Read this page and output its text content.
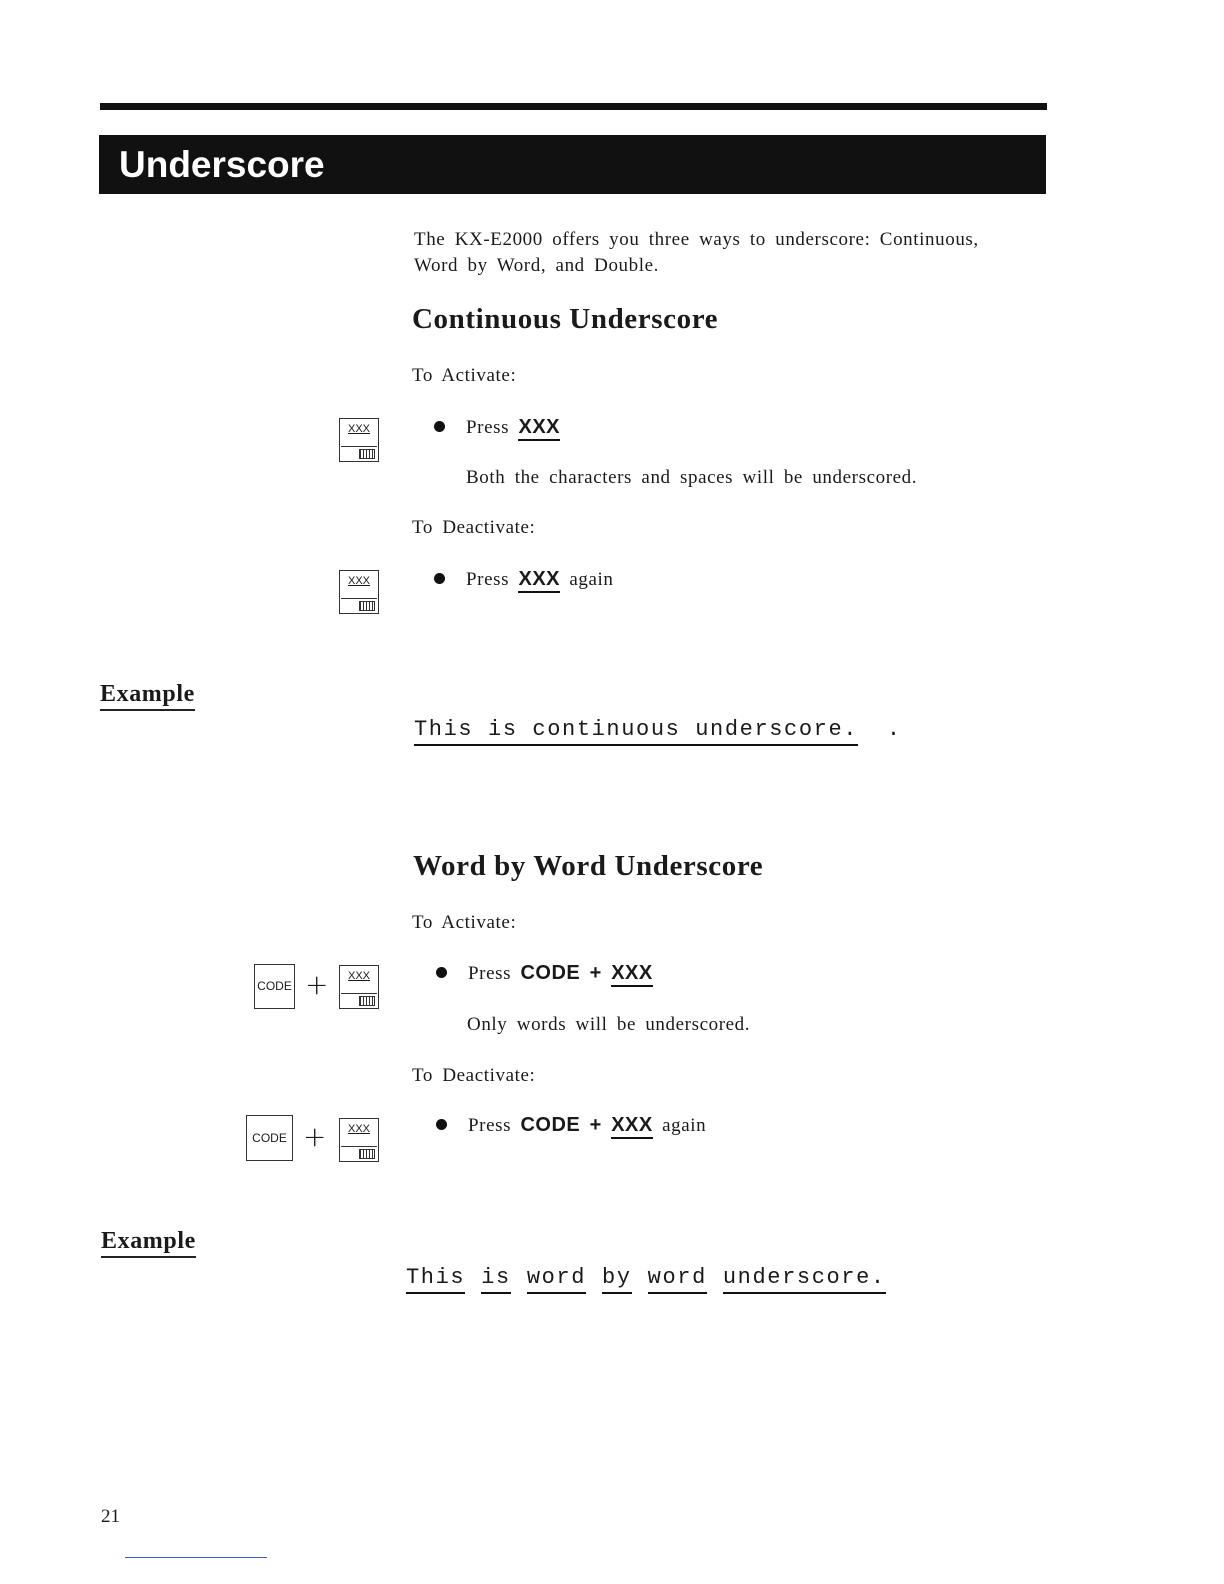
Underscore
The KX-E2000 offers you three ways to underscore: Continuous,
Word by Word, and Double.
Continuous Underscore
To Activate:
XXX	Press XXX
Both the characters and spaces will be underscored.
To Deactivate:
XXX	Press XXX again
Example
This is continuous underscore. .
Word by Word Underscore
To Activate:
CODE +	XXX	Press CODE + XXX
Only words will be underscored.
To Deactivate:
CODE +	XXX	Press CODE + XXX again
Example
This is word by word underscore.
21
